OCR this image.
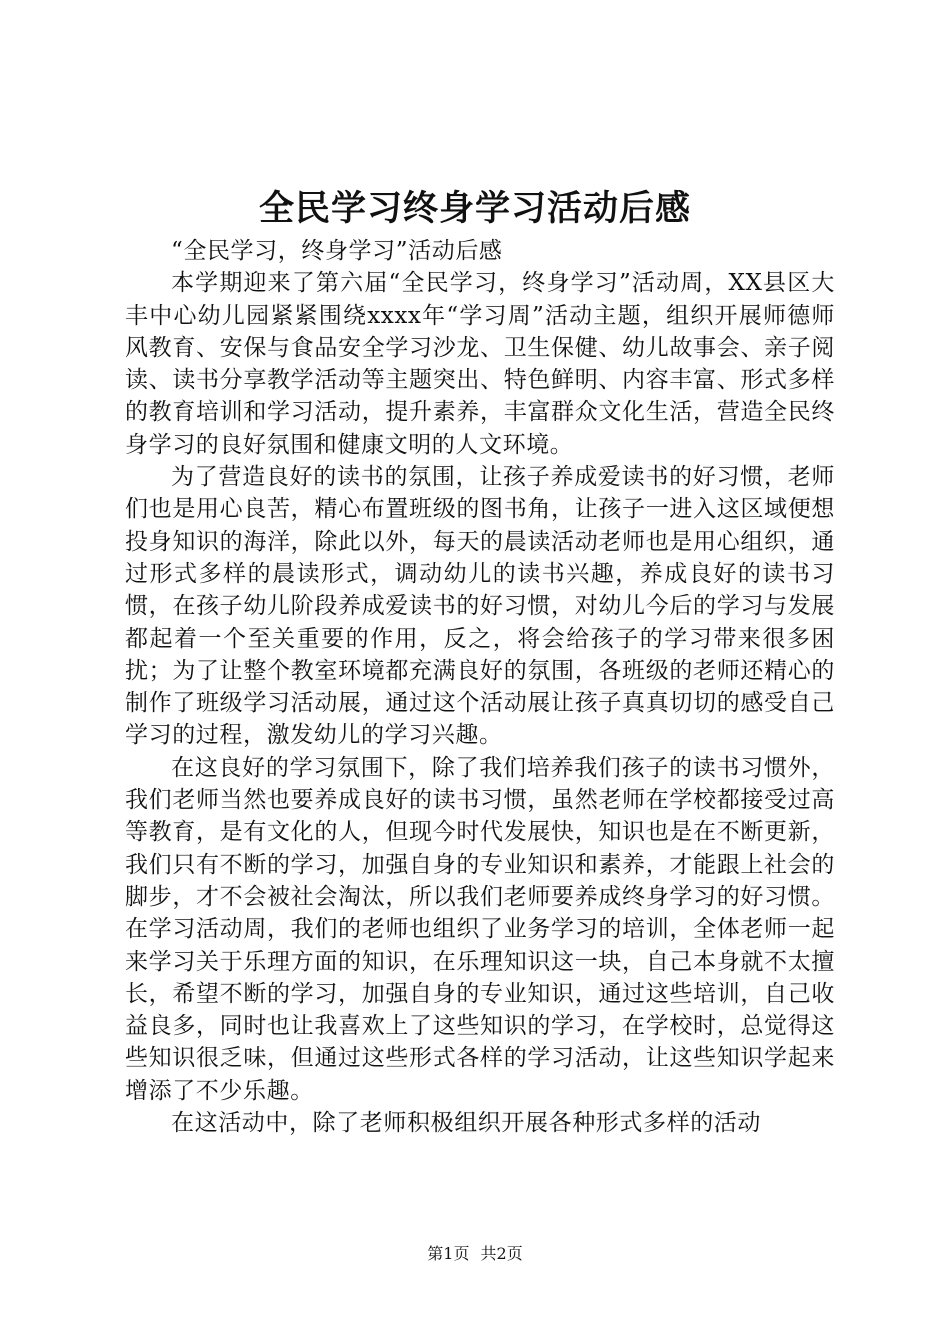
全民学习终身学习活动后感

“全民学习，终身学习”活动后感

本学期迎来了第六届“全民学习，终身学习”活动周，XX县区大丰中心幼儿园紧紧围绕xxxx年“学习周”活动主题，组织开展师德师风教育、安保与食品安全学习沙龙、卫生保健、幼儿故事会、亲子阅读、读书分享教学活动等主题突出、特色鲜明、内容丰富、形式多样的教育培训和学习活动，提升素养，丰富群众文化生活，营造全民终身学习的良好氛围和健康文明的人文环境。

为了营造良好的读书的氛围，让孩子养成爱读书的好习惯，老师们也是用心良苦，精心布置班级的图书角，让孩子一进入这区域便想投身知识的海洋，除此以外，每天的晨读活动老师也是用心组织，通过形式多样的晨读形式，调动幼儿的读书兴趣，养成良好的读书习惯，在孩子幼儿阶段养成爱读书的好习惯，对幼儿今后的学习与发展都起着一个至关重要的作用，反之，将会给孩子的学习带来很多困扰；为了让整个教室环境都充满良好的氛围，各班级的老师还精心的制作了班级学习活动展，通过这个活动展让孩子真真切切的感受自己学习的过程，激发幼儿的学习兴趣。

在这良好的学习氛围下，除了我们培养我们孩子的读书习惯外，我们老师当然也要养成良好的读书习惯，虽然老师在学校都接受过高等教育，是有文化的人，但现今时代发展快，知识也是在不断更新，我们只有不断的学习，加强自身的专业知识和素养，才能跟上社会的脚步，才不会被社会淘汰，所以我们老师要养成终身学习的好习惯。在学习活动周，我们的老师也组织了业务学习的培训，全体老师一起来学习关于乐理方面的知识，在乐理知识这一块，自己本身就不太擅长，希望不断的学习，加强自身的专业知识，通过这些培训，自己收益良多，同时也让我喜欢上了这些知识的学习，在学校时，总觉得这些知识很乏味，但通过这些形式各样的学习活动，让这些知识学起来增添了不少乐趣。

在这活动中，除了老师积极组织开展各种形式多样的活动

第1页 共2页
